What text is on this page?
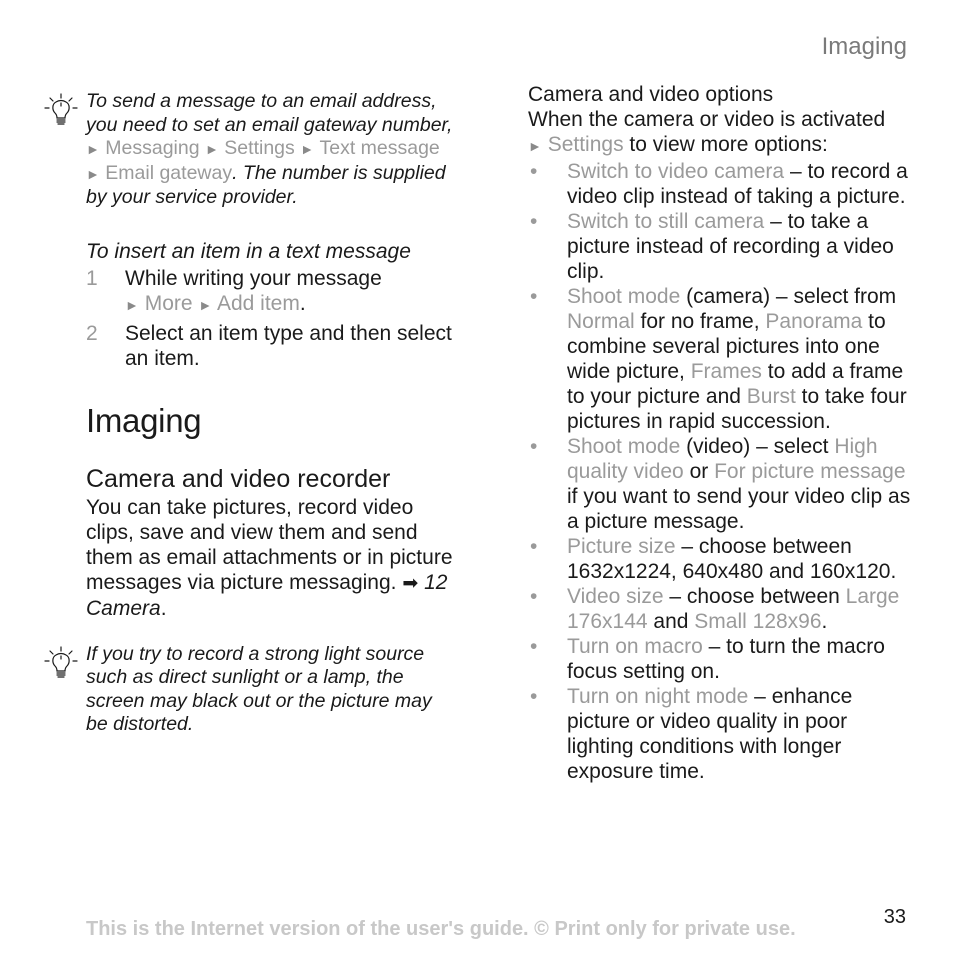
Imaging
To send a message to an email address, you need to set an email gateway number, ► Messaging ► Settings ► Text message ► Email gateway. The number is supplied by your service provider.
To insert an item in a text message
1	While writing your message
► More ► Add item.
2	Select an item type and then select an item.
Imaging
Camera and video recorder
You can take pictures, record video clips, save and view them and send them as email attachments or in picture messages via picture messaging. ➡ 12 Camera.
If you try to record a strong light source such as direct sunlight or a lamp, the screen may black out or the picture may be distorted.
Camera and video options
When the camera or video is activated
► Settings to view more options:
• Switch to video camera – to record a video clip instead of taking a picture.
• Switch to still camera – to take a picture instead of recording a video clip.
• Shoot mode (camera) – select from Normal for no frame, Panorama to combine several pictures into one wide picture, Frames to add a frame to your picture and Burst to take four pictures in rapid succession.
• Shoot mode (video) – select High quality video or For picture message if you want to send your video clip as a picture message.
• Picture size – choose between 1632x1224, 640x480 and 160x120.
• Video size – choose between Large 176x144 and Small 128x96.
• Turn on macro – to turn the macro focus setting on.
• Turn on night mode – enhance picture or video quality in poor lighting conditions with longer exposure time.
This is the Internet version of the user's guide. © Print only for private use.
33
